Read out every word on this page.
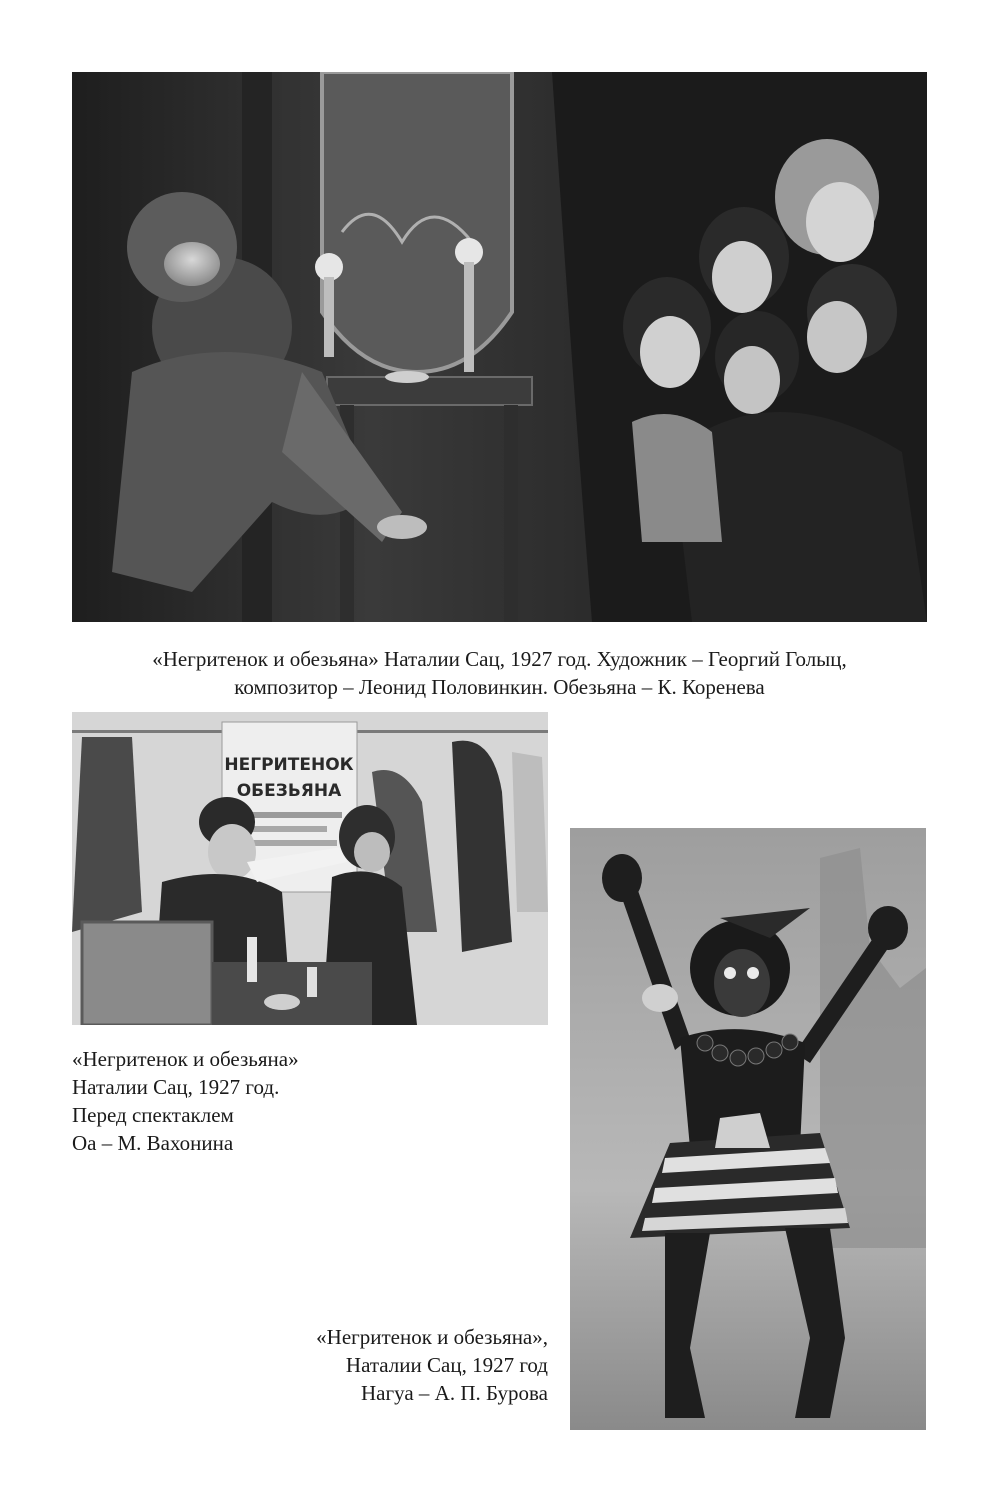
«Негритенок и обезьяна» Наталии Сац, 1927 год. Художник – Георгий Голыц,
композитор – Леонид Половинкин. Обезьяна – К. Коренева

НЕГРИТЕНОК
ОБЕЗЬЯНА

«Негритенок и обезьяна»
Наталии Сац, 1927 год.
Перед спектаклем
Оа – М. Вахонина

«Негритенок и обезьяна»,
Наталии Сац, 1927 год
Нагуа – А. П. Бурова
